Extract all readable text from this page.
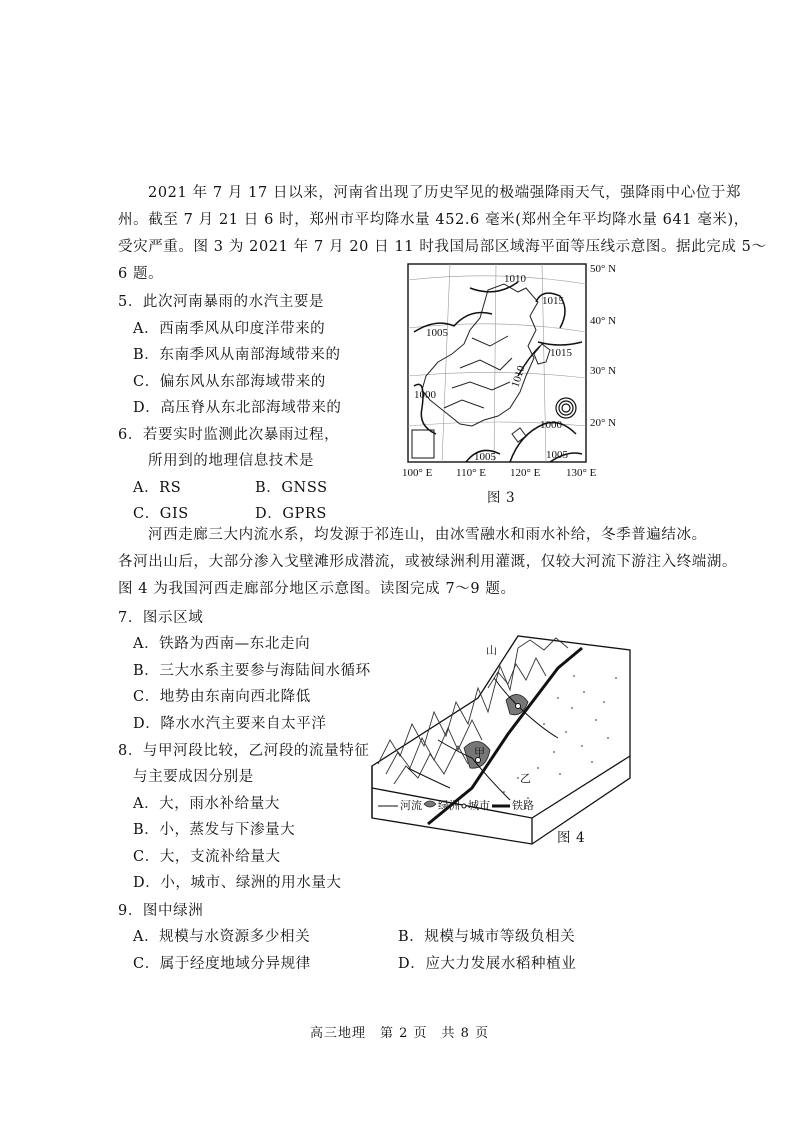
2021 年 7 月 17 日以来，河南省出现了历史罕见的极端强降雨天气，强降雨中心位于郑
州。截至 7 月 21 日 6 时，郑州市平均降水量 452.6 毫米(郑州全年平均降水量 641 毫米)，
受灾严重。图 3 为 2021 年 7 月 20 日 11 时我国局部区域海平面等压线示意图。据此完成 5～
6 题。
5．此次河南暴雨的水汽主要是
A．西南季风从印度洋带来的
B．东南季风从南部海域带来的
C．偏东风从东部海域带来的
D．高压脊从东北部海域带来的
6．若要实时监测此次暴雨过程，
所用到的地理信息技术是
A．RS	B．GNSS
C．GIS	D．GPRS
1010
1015
1005
1015
1010
1000
1000
1005	1005
50° N
40° N
30° N
20° N
100° E 110° E 120° E 130° E
图 3
河西走廊三大内流水系，均发源于祁连山，由冰雪融水和雨水补给，冬季普遍结冰。
各河出山后，大部分渗入戈壁滩形成潜流，或被绿洲利用灌溉，仅较大河流下游注入终端湖。
图 4 为我国河西走廊部分地区示意图。读图完成 7～9 题。
7．图示区域
A．铁路为西南—东北走向
B．三大水系主要参与海陆间水循环
C．地势由东南向西北降低
D．降水水汽主要来自太平洋
8．与甲河段比较，乙河段的流量特征
与主要成因分别是
A．大，雨水补给量大
B．小，蒸发与下渗量大
C．大，支流补给量大
D．小，城市、绿洲的用水量大
甲
乙
山
河流 绿洲 城市 铁路
图 4
9．图中绿洲
A．规模与水资源多少相关	B．规模与城市等级负相关
C．属于经度地域分异规律	D．应大力发展水稻种植业
高三地理　第 2 页　共 8 页
